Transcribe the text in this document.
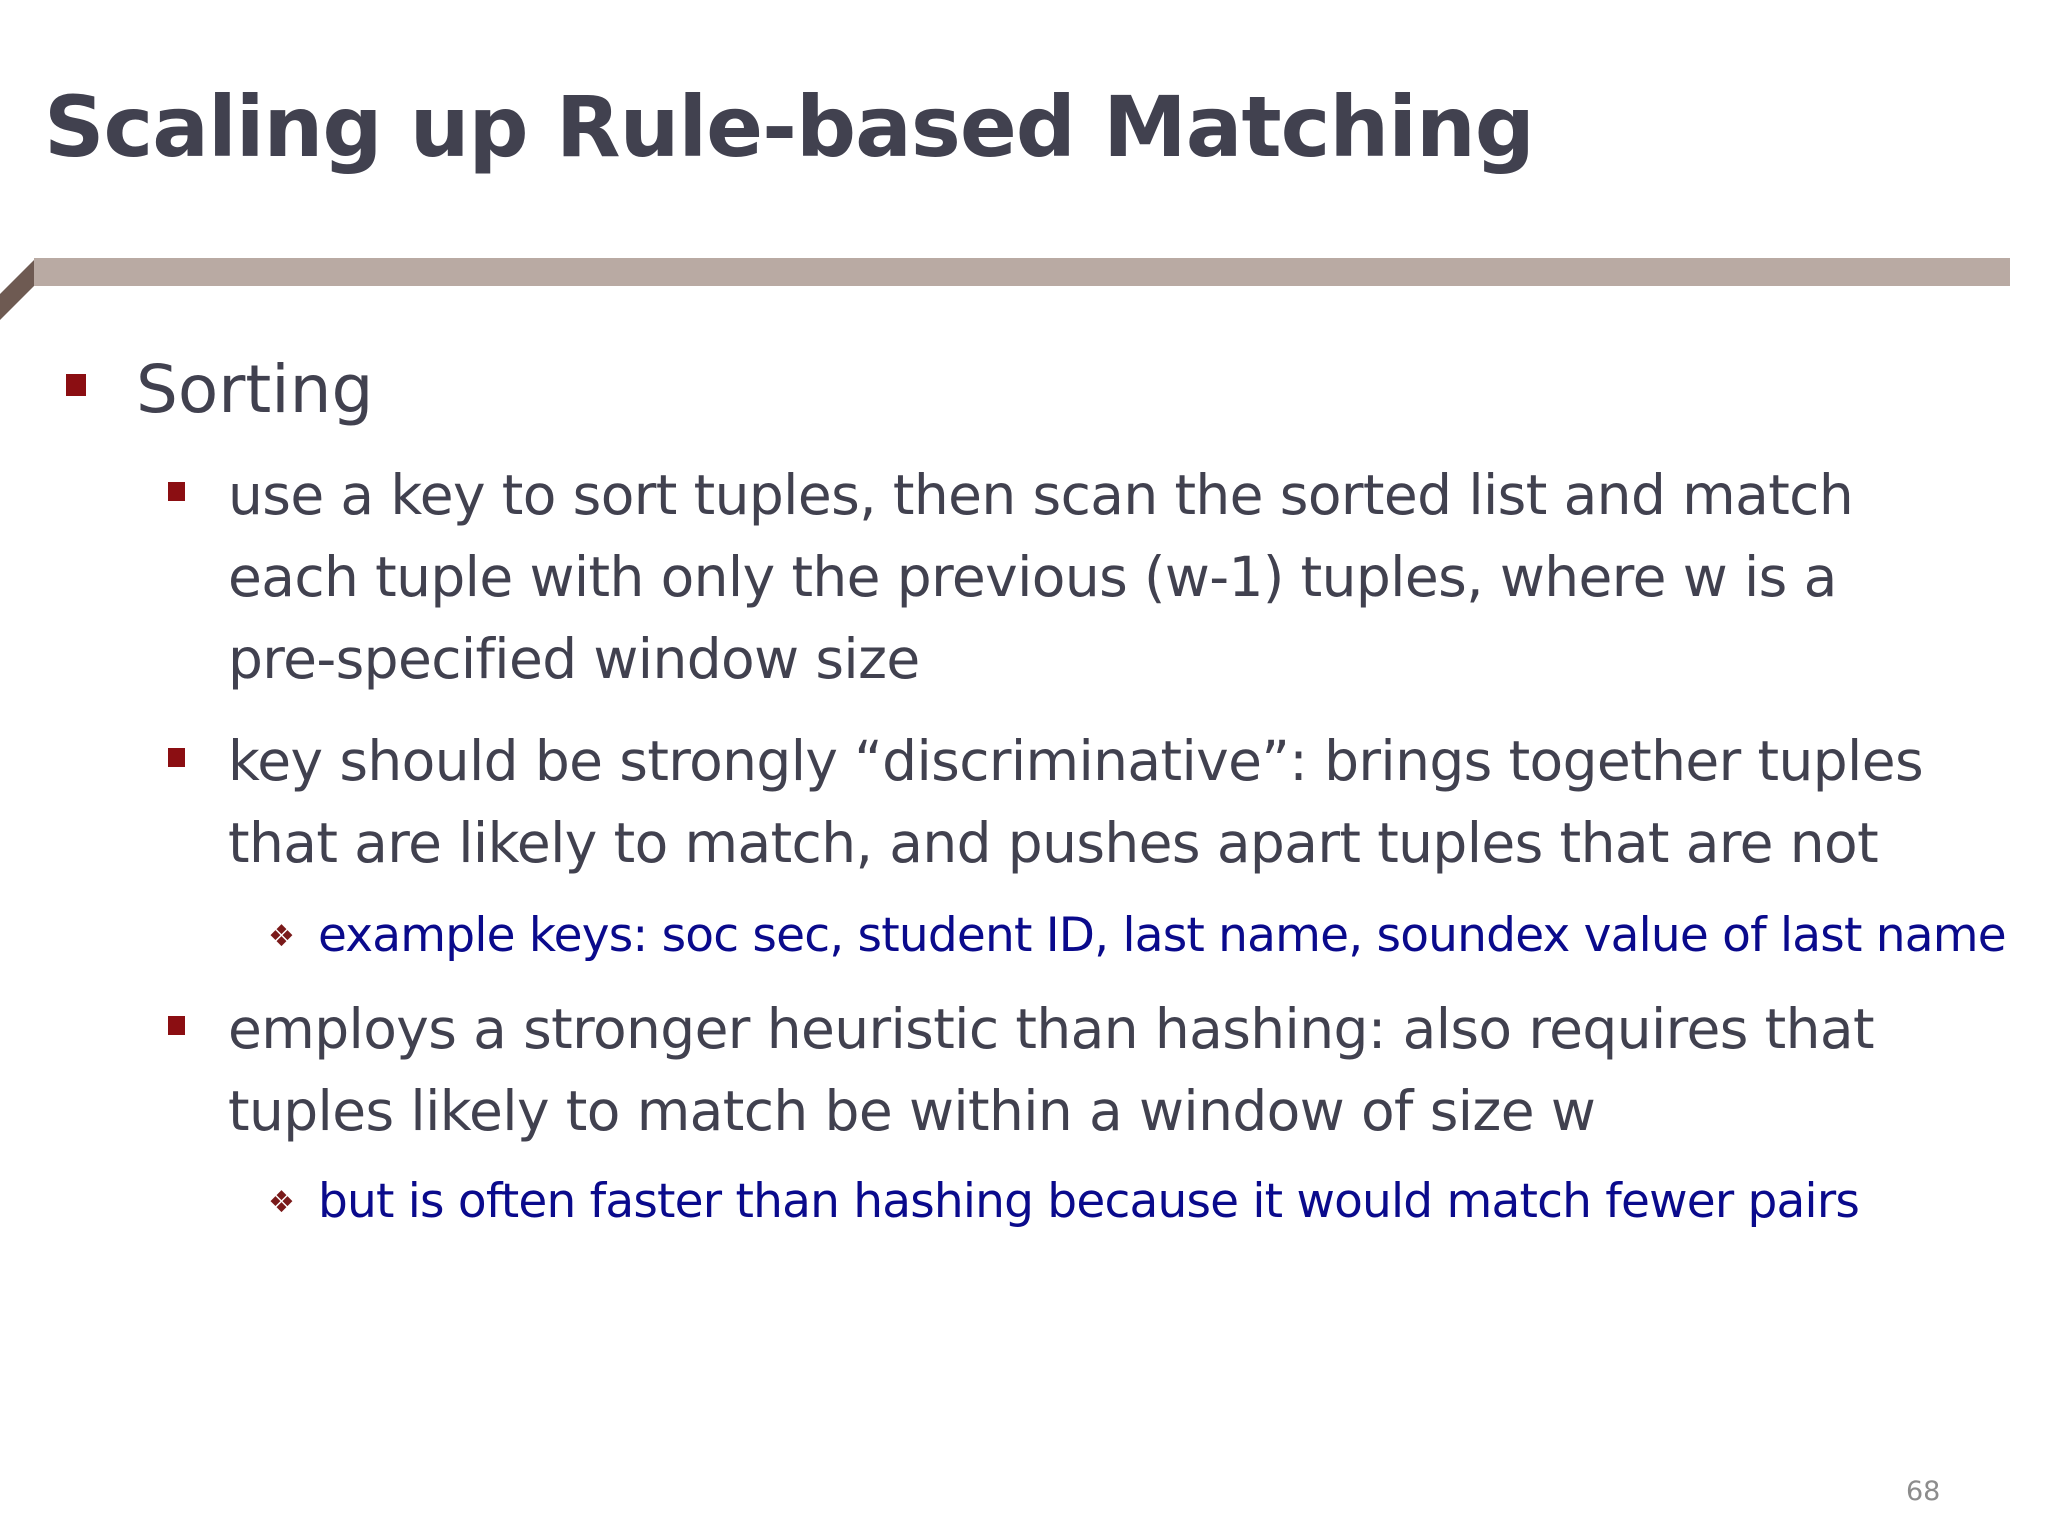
Scaling up Rule-based Matching

Sorting

use a key to sort tuples, then scan the sorted list and match

each tuple with only the previous (w-1) tuples, where w is a

pre-specified window size

key should be strongly “discriminative”: brings together tuples

that are likely to match, and pushes apart tuples that are not

❖ example keys: soc sec, student ID, last name, soundex value of last name

employs a stronger heuristic than hashing: also requires that

tuples likely to match be within a window of size w

❖ but is often faster than hashing because it would match fewer pairs

68
